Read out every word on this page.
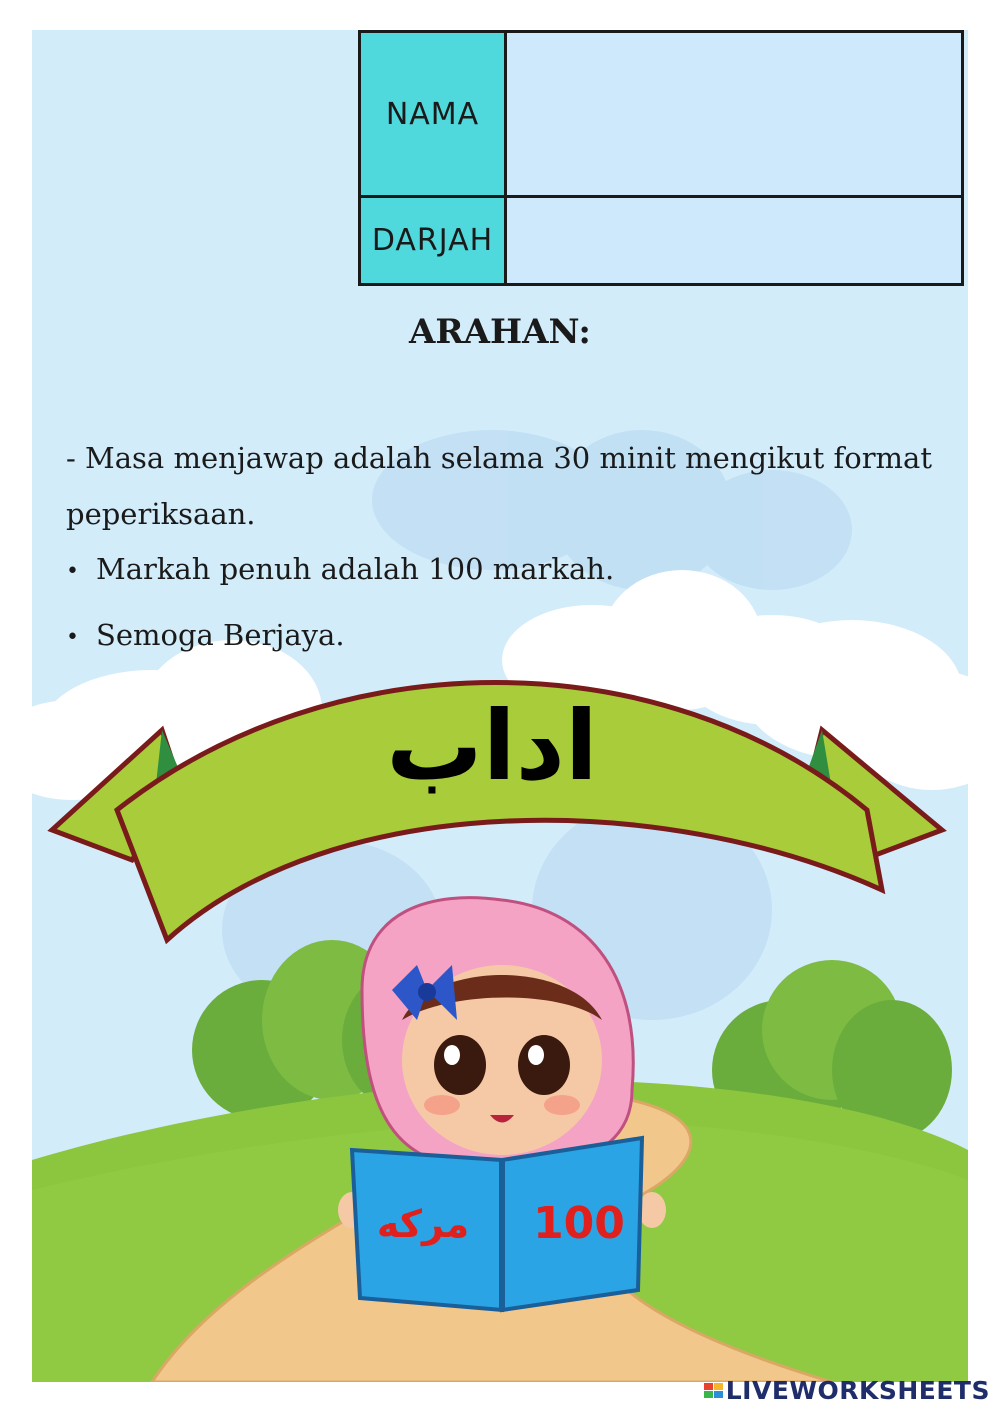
NAMA
DARJAH
ARAHAN:
- Masa menjawap adalah selama 30 minit mengikut format peperiksaan.
• Markah penuh adalah 100 markah.
• Semoga Berjaya.
اداب
مركه 100
LIVEWORKSHEETS
